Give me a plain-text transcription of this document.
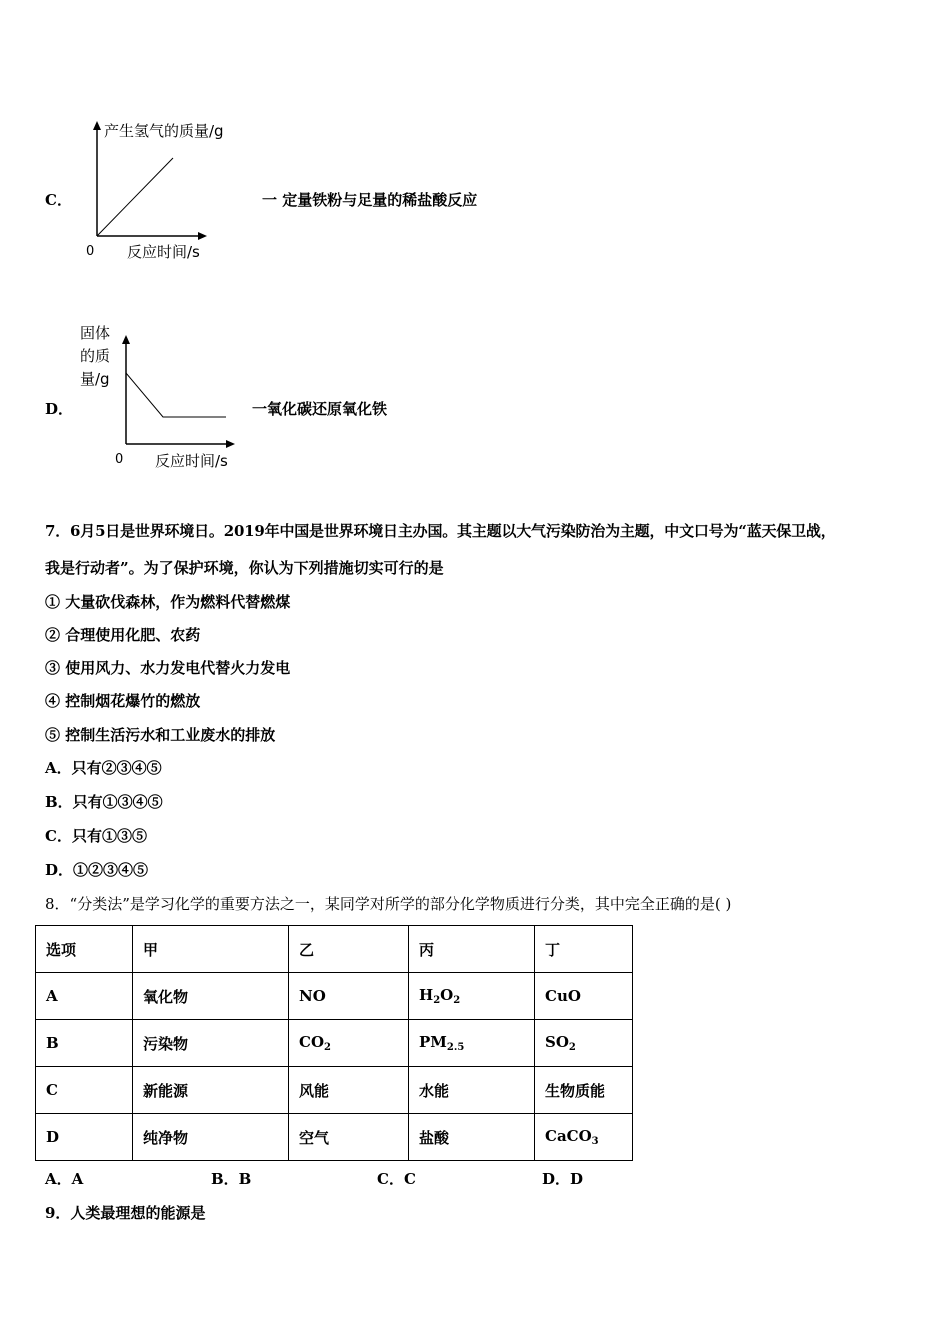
C．
产生氢气的质量/g
0 反应时间/s
一 定量铁粉与足量的稀盐酸反应
D．
固体
的质
量/g
0 反应时间/s
一氧化碳还原氧化铁
7．6月5日是世界环境日。2019年中国是世界环境日主办国。其主题以大气污染防治为主题，中文口号为“蓝天保卫战，
我是行动者”。为了保护环境，你认为下列措施切实可行的是
① 大量砍伐森林，作为燃料代替燃煤
② 合理使用化肥、农药
③ 使用风力、水力发电代替火力发电
④ 控制烟花爆竹的燃放
⑤ 控制生活污水和工业废水的排放
A．只有②③④⑤
B．只有①③④⑤
C．只有①③⑤
D．①②③④⑤
8．“分类法”是学习化学的重要方法之一，某同学对所学的部分化学物质进行分类，其中完全正确的是( )
选项	甲	乙	丙	丁
A	氧化物	NO	$H_2O_2$	CuO
B	污染物	$CO_2$	$PM_{2.5}$	$SO_2$
C	新能源	风能	水能	生物质能
D	纯净物	空气	盐酸	CaCO$_3$
A．A	B．B	C．C	D．D
9．人类最理想的能源是
